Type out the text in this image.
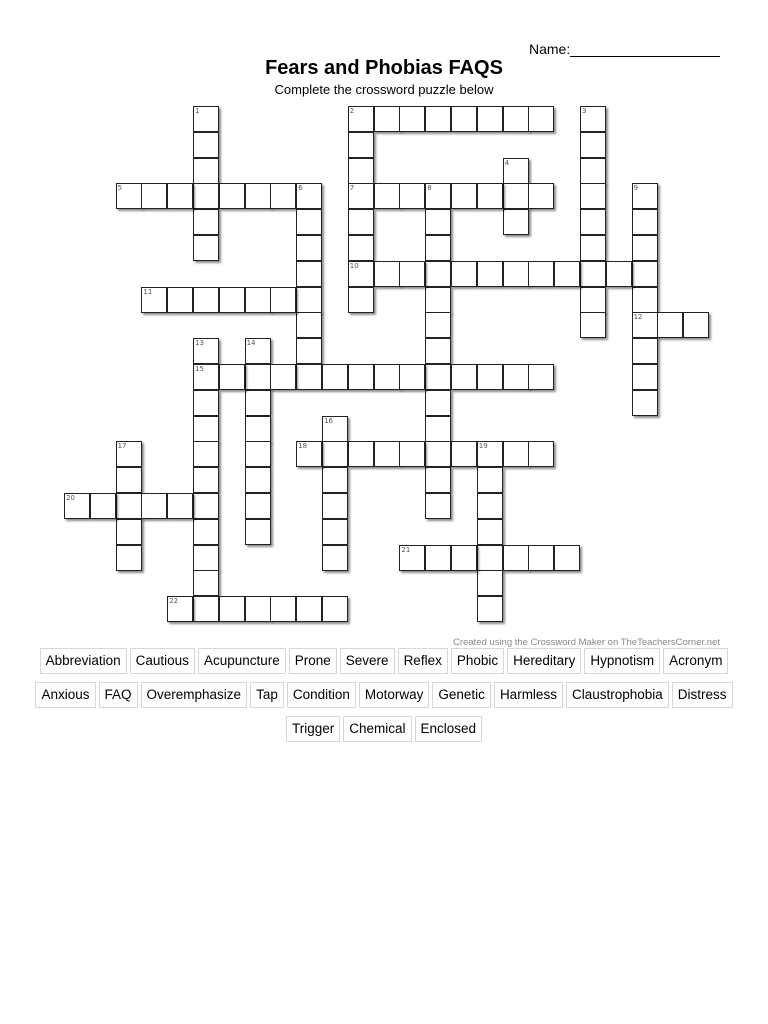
Name:
Fears and Phobias FAQS
Complete the crossword puzzle below
1	2	3
4
5	6	7	8	9
10
11
12
13	14
15
16
17	18	19
20
21
22
Created using the Crossword Maker on TheTeachersCorner.net
Abbreviation	Cautious	Acupuncture	Prone	Severe	Reflex	Phobic	Hereditary	Hypnotism	Acronym
Anxious	FAQ	Overemphasize	Tap	Condition	Motorway	Genetic	Harmless	Claustrophobia	Distress
Trigger	Chemical	Enclosed
